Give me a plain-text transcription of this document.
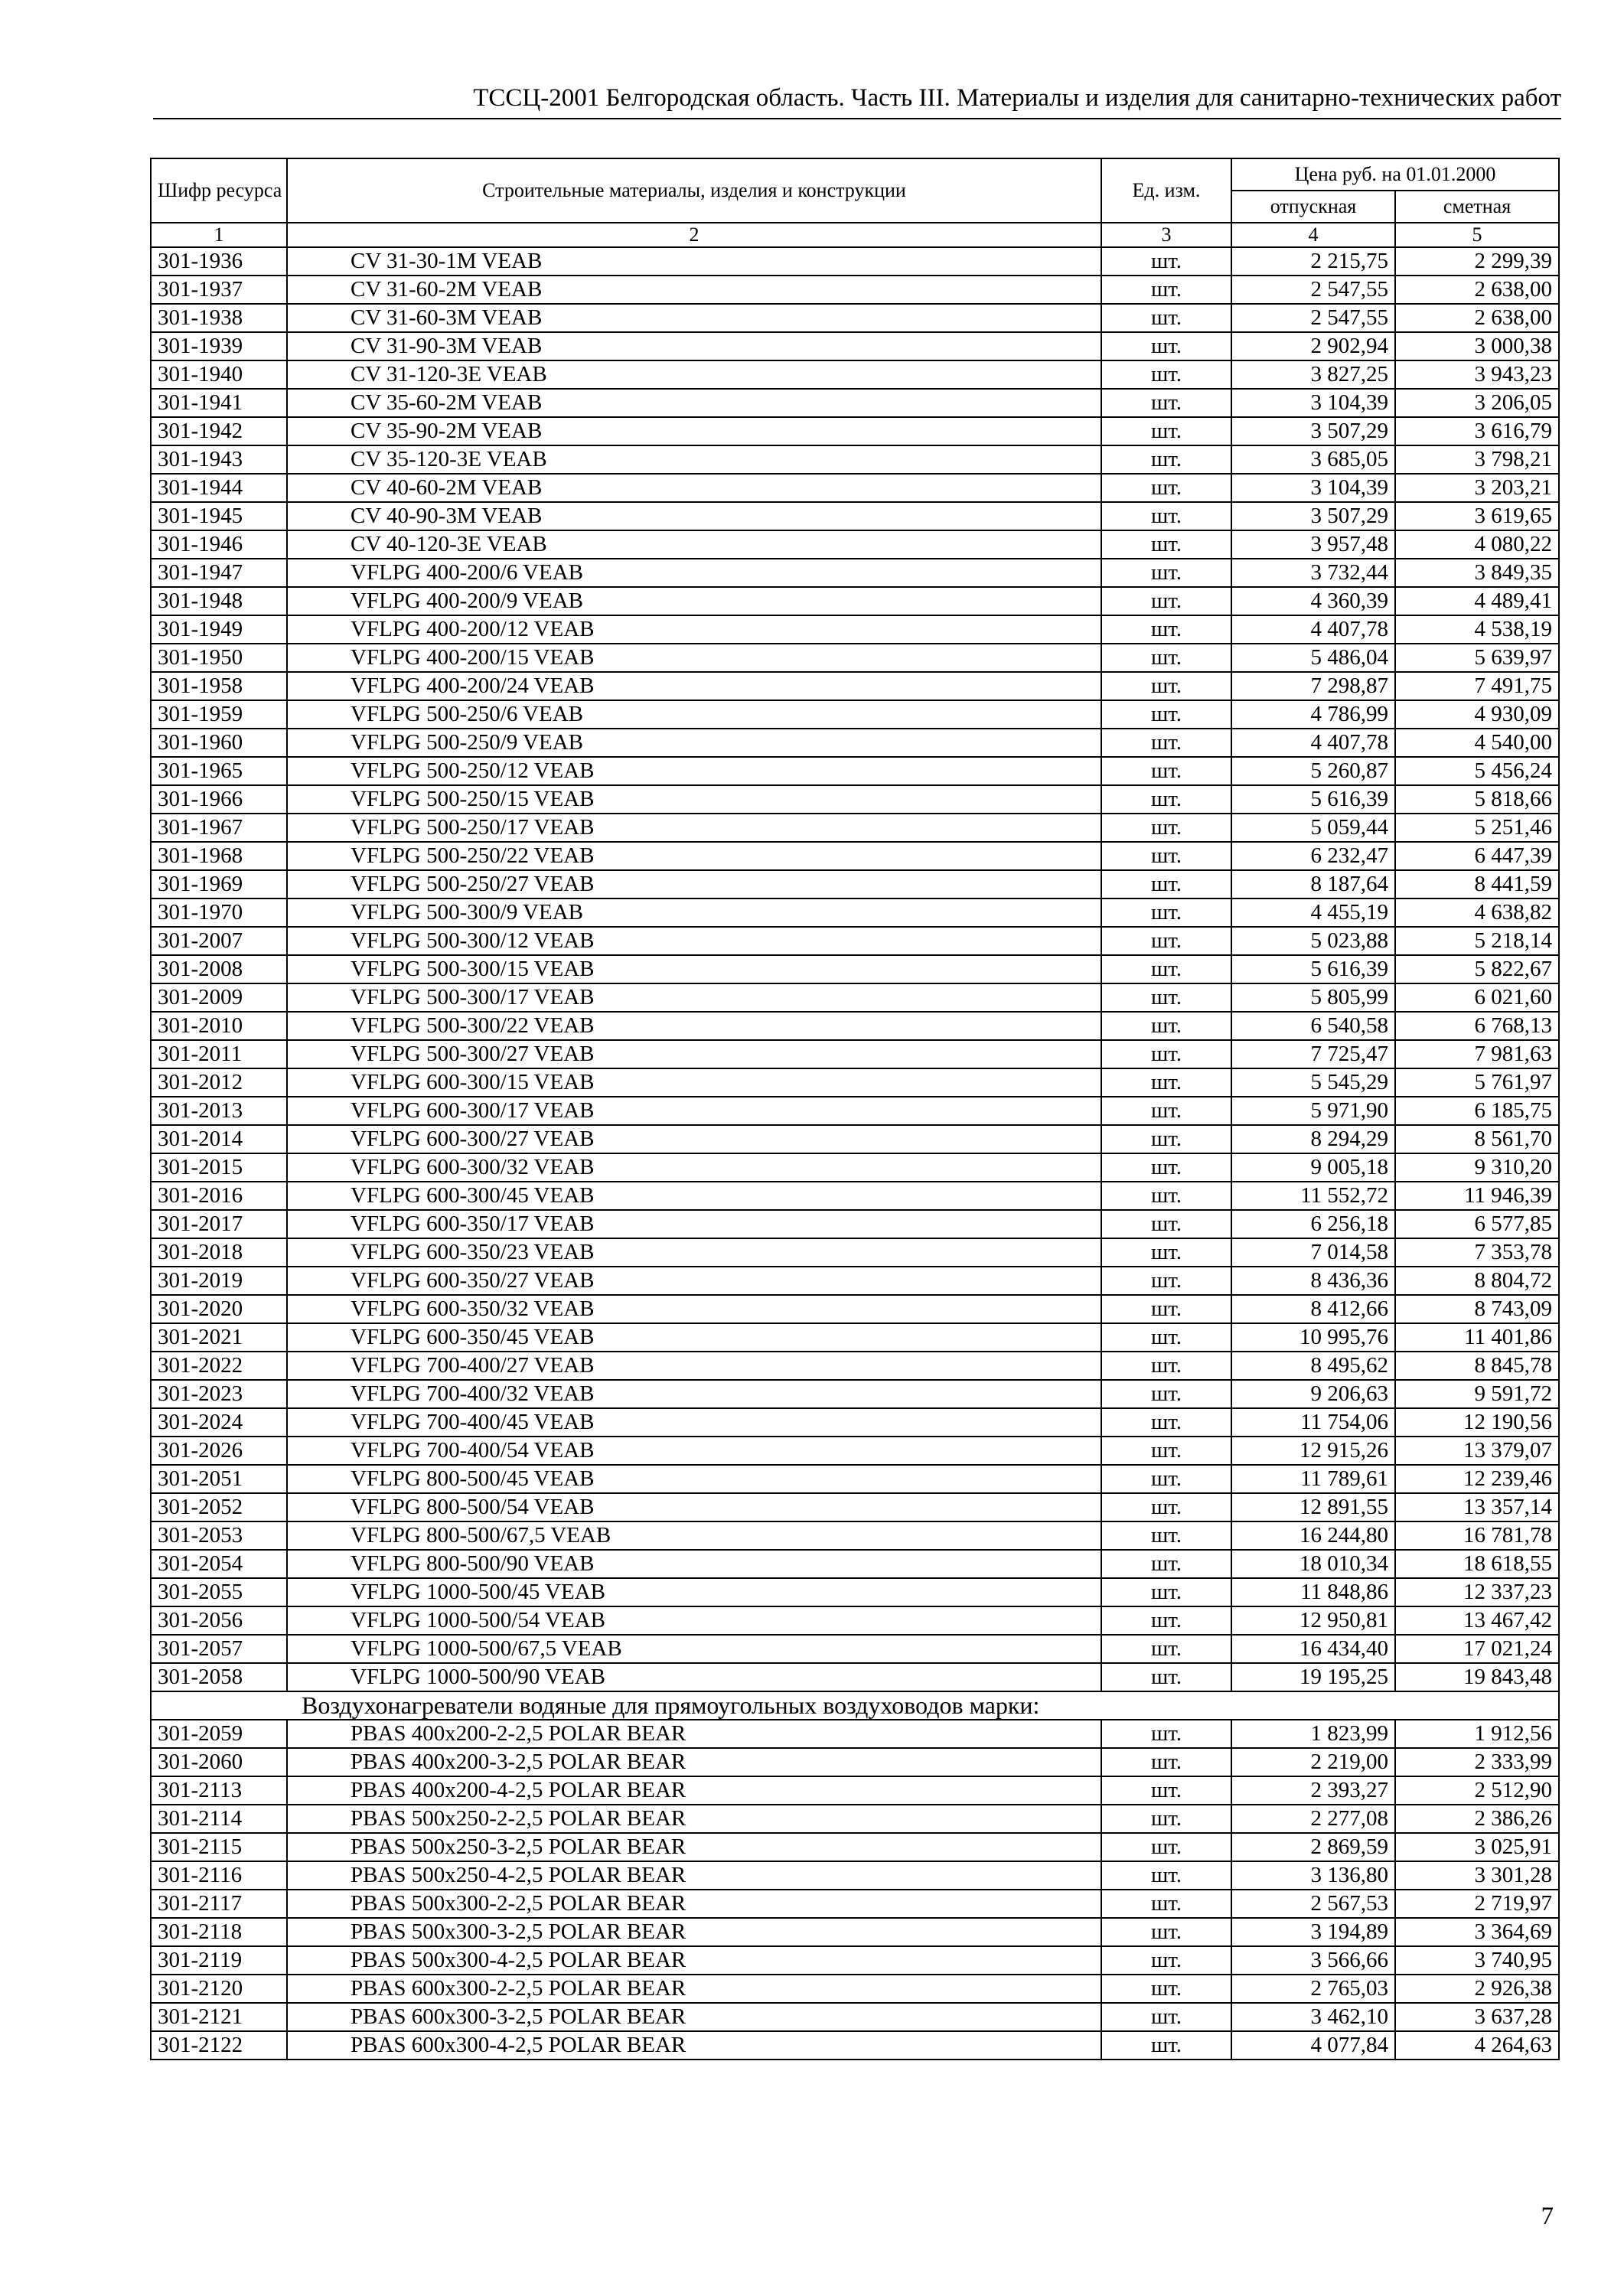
ТССЦ-2001 Белгородская область. Часть III. Материалы и изделия для санитарно-технических работ
Шифр ресурса	Строительные материалы, изделия и конструкции	Ед. изм.	Цена руб. на 01.01.2000	
			отпускная	сметная
1	2	3	4	5
301-1936	CV 31-30-1M VEAB	шт.	2 215,75	2 299,39
301-1937	CV 31-60-2M VEAB	шт.	2 547,55	2 638,00
301-1938	CV 31-60-3M VEAB	шт.	2 547,55	2 638,00
301-1939	CV 31-90-3M VEAB	шт.	2 902,94	3 000,38
301-1940	CV 31-120-3E VEAB	шт.	3 827,25	3 943,23
301-1941	CV 35-60-2M VEAB	шт.	3 104,39	3 206,05
301-1942	CV 35-90-2M VEAB	шт.	3 507,29	3 616,79
301-1943	CV 35-120-3E VEAB	шт.	3 685,05	3 798,21
301-1944	CV 40-60-2M VEAB	шт.	3 104,39	3 203,21
301-1945	CV 40-90-3M VEAB	шт.	3 507,29	3 619,65
301-1946	CV 40-120-3E VEAB	шт.	3 957,48	4 080,22
301-1947	VFLPG 400-200/6 VEAB	шт.	3 732,44	3 849,35
301-1948	VFLPG 400-200/9 VEAB	шт.	4 360,39	4 489,41
301-1949	VFLPG 400-200/12 VEAB	шт.	4 407,78	4 538,19
301-1950	VFLPG 400-200/15 VEAB	шт.	5 486,04	5 639,97
301-1958	VFLPG 400-200/24 VEAB	шт.	7 298,87	7 491,75
301-1959	VFLPG 500-250/6 VEAB	шт.	4 786,99	4 930,09
301-1960	VFLPG 500-250/9 VEAB	шт.	4 407,78	4 540,00
301-1965	VFLPG 500-250/12 VEAB	шт.	5 260,87	5 456,24
301-1966	VFLPG 500-250/15 VEAB	шт.	5 616,39	5 818,66
301-1967	VFLPG 500-250/17 VEAB	шт.	5 059,44	5 251,46
301-1968	VFLPG 500-250/22 VEAB	шт.	6 232,47	6 447,39
301-1969	VFLPG 500-250/27 VEAB	шт.	8 187,64	8 441,59
301-1970	VFLPG 500-300/9 VEAB	шт.	4 455,19	4 638,82
301-2007	VFLPG 500-300/12 VEAB	шт.	5 023,88	5 218,14
301-2008	VFLPG 500-300/15 VEAB	шт.	5 616,39	5 822,67
301-2009	VFLPG 500-300/17 VEAB	шт.	5 805,99	6 021,60
301-2010	VFLPG 500-300/22 VEAB	шт.	6 540,58	6 768,13
301-2011	VFLPG 500-300/27 VEAB	шт.	7 725,47	7 981,63
301-2012	VFLPG 600-300/15 VEAB	шт.	5 545,29	5 761,97
301-2013	VFLPG 600-300/17 VEAB	шт.	5 971,90	6 185,75
301-2014	VFLPG 600-300/27 VEAB	шт.	8 294,29	8 561,70
301-2015	VFLPG 600-300/32 VEAB	шт.	9 005,18	9 310,20
301-2016	VFLPG 600-300/45 VEAB	шт.	11 552,72	11 946,39
301-2017	VFLPG 600-350/17 VEAB	шт.	6 256,18	6 577,85
301-2018	VFLPG 600-350/23 VEAB	шт.	7 014,58	7 353,78
301-2019	VFLPG 600-350/27 VEAB	шт.	8 436,36	8 804,72
301-2020	VFLPG 600-350/32 VEAB	шт.	8 412,66	8 743,09
301-2021	VFLPG 600-350/45 VEAB	шт.	10 995,76	11 401,86
301-2022	VFLPG 700-400/27 VEAB	шт.	8 495,62	8 845,78
301-2023	VFLPG 700-400/32 VEAB	шт.	9 206,63	9 591,72
301-2024	VFLPG 700-400/45 VEAB	шт.	11 754,06	12 190,56
301-2026	VFLPG 700-400/54 VEAB	шт.	12 915,26	13 379,07
301-2051	VFLPG 800-500/45 VEAB	шт.	11 789,61	12 239,46
301-2052	VFLPG 800-500/54 VEAB	шт.	12 891,55	13 357,14
301-2053	VFLPG 800-500/67,5 VEAB	шт.	16 244,80	16 781,78
301-2054	VFLPG 800-500/90 VEAB	шт.	18 010,34	18 618,55
301-2055	VFLPG 1000-500/45 VEAB	шт.	11 848,86	12 337,23
301-2056	VFLPG 1000-500/54 VEAB	шт.	12 950,81	13 467,42
301-2057	VFLPG 1000-500/67,5 VEAB	шт.	16 434,40	17 021,24
301-2058	VFLPG 1000-500/90 VEAB	шт.	19 195,25	19 843,48
Воздухонагреватели водяные для прямоугольных воздуховодов марки:				
301-2059	PBAS 400x200-2-2,5 POLAR BEAR	шт.	1 823,99	1 912,56
301-2060	PBAS 400x200-3-2,5 POLAR BEAR	шт.	2 219,00	2 333,99
301-2113	PBAS 400x200-4-2,5 POLAR BEAR	шт.	2 393,27	2 512,90
301-2114	PBAS 500x250-2-2,5 POLAR BEAR	шт.	2 277,08	2 386,26
301-2115	PBAS 500x250-3-2,5 POLAR BEAR	шт.	2 869,59	3 025,91
301-2116	PBAS 500x250-4-2,5 POLAR BEAR	шт.	3 136,80	3 301,28
301-2117	PBAS 500x300-2-2,5 POLAR BEAR	шт.	2 567,53	2 719,97
301-2118	PBAS 500x300-3-2,5 POLAR BEAR	шт.	3 194,89	3 364,69
301-2119	PBAS 500x300-4-2,5 POLAR BEAR	шт.	3 566,66	3 740,95
301-2120	PBAS 600x300-2-2,5 POLAR BEAR	шт.	2 765,03	2 926,38
301-2121	PBAS 600x300-3-2,5 POLAR BEAR	шт.	3 462,10	3 637,28
301-2122	PBAS 600x300-4-2,5 POLAR BEAR	шт.	4 077,84	4 264,63
7
